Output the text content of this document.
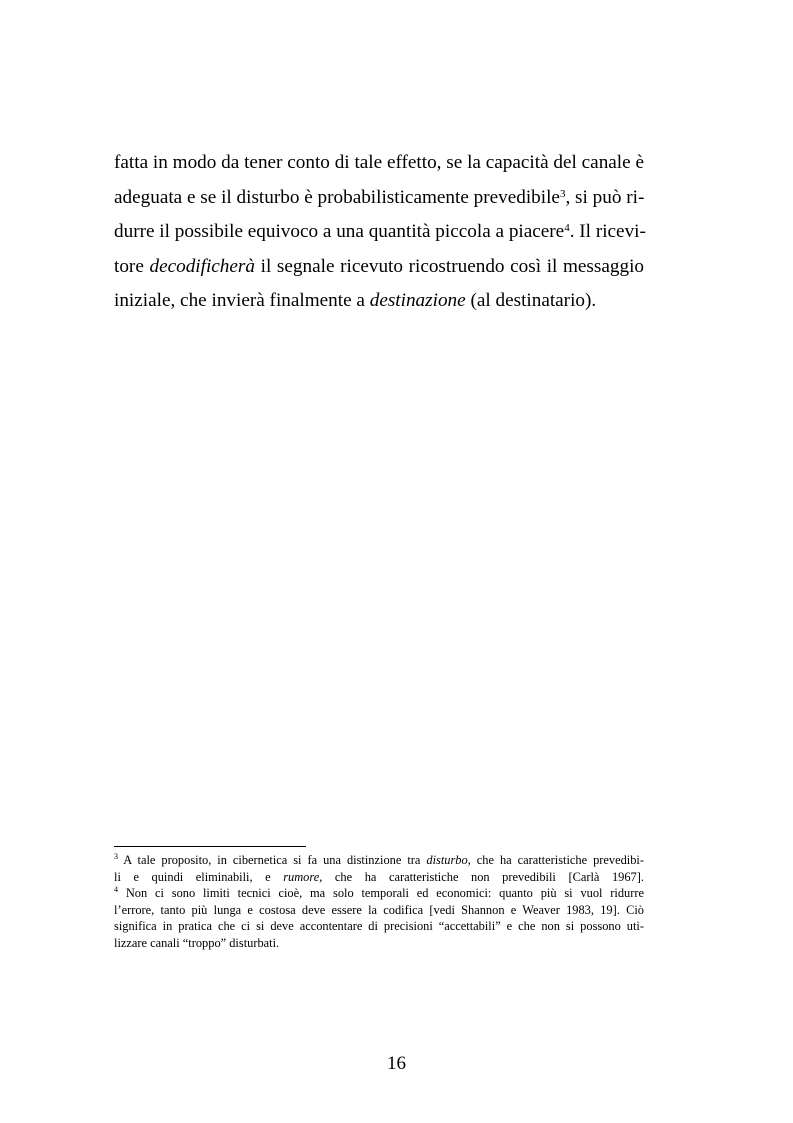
fatta in modo da tener conto di tale effetto, se la capacità del canale è
adeguata e se il disturbo è probabilisticamente prevedibile$^3$, si può ri-
durre il possibile equivoco a una quantità piccola a piacere$^4$. Il ricevi-
tore decodificherà il segnale ricevuto ricostruendo così il messaggio
iniziale, che invierà finalmente a destinazione (al destinatario).
$^3$ A tale proposito, in cibernetica si fa una distinzione tra disturbo, che ha caratteristiche prevedibi-
li e quindi eliminabili, e rumore, che ha caratteristiche non prevedibili [Carlà 1967].
$^4$ Non ci sono limiti tecnici cioè, ma solo temporali ed economici: quanto più si vuol ridurre
l’errore, tanto più lunga e costosa deve essere la codifica [vedi Shannon e Weaver 1983, 19]. Ciò
significa in pratica che ci si deve accontentare di precisioni “accettabili” e che non si possono uti-
lizzare canali “troppo” disturbati.
16
